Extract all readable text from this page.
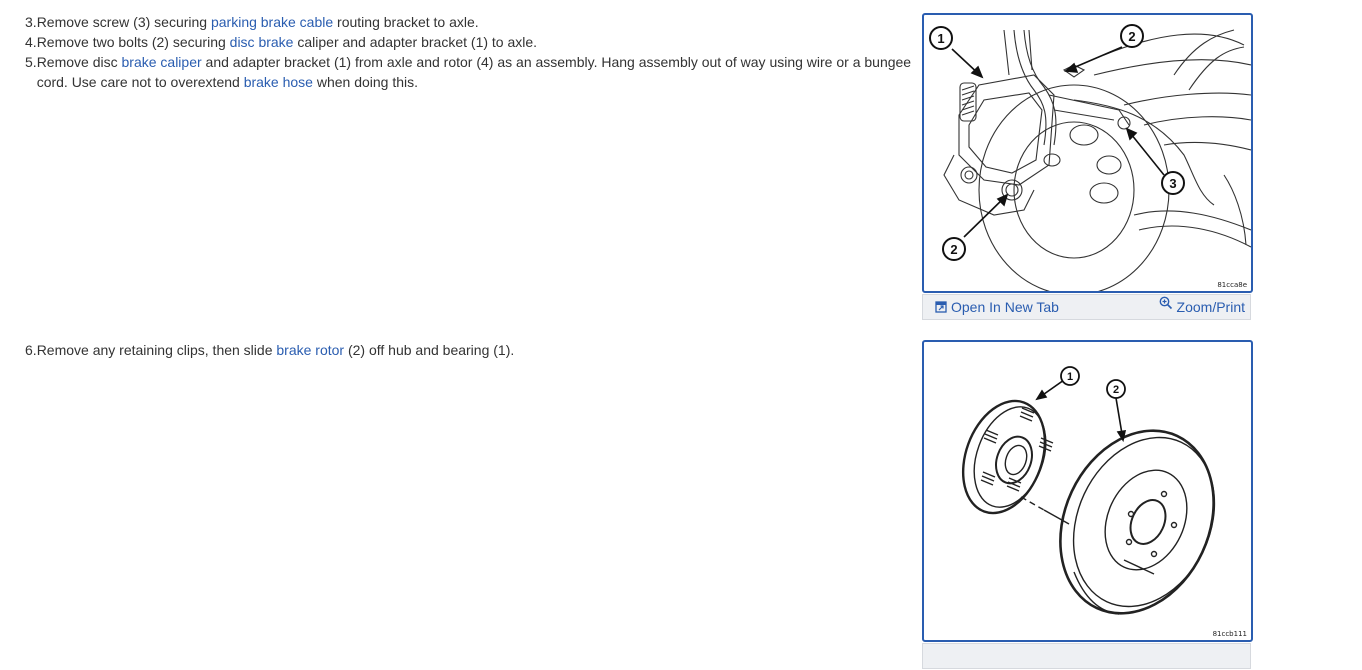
3. Remove screw (3) securing parking brake cable routing bracket to axle.
4. Remove two bolts (2) securing disc brake caliper and adapter bracket (1) to axle.
5. Remove disc brake caliper and adapter bracket (1) from axle and rotor (4) as an assembly. Hang assembly out of way using wire or a bungee cord. Use care not to overextend brake hose when doing this.
6. Remove any retaining clips, then slide brake rotor (2) off hub and bearing (1).
1	2
3
2
81cca8e
Open In New Tab	Zoom/Print
1
2
81ccb111
